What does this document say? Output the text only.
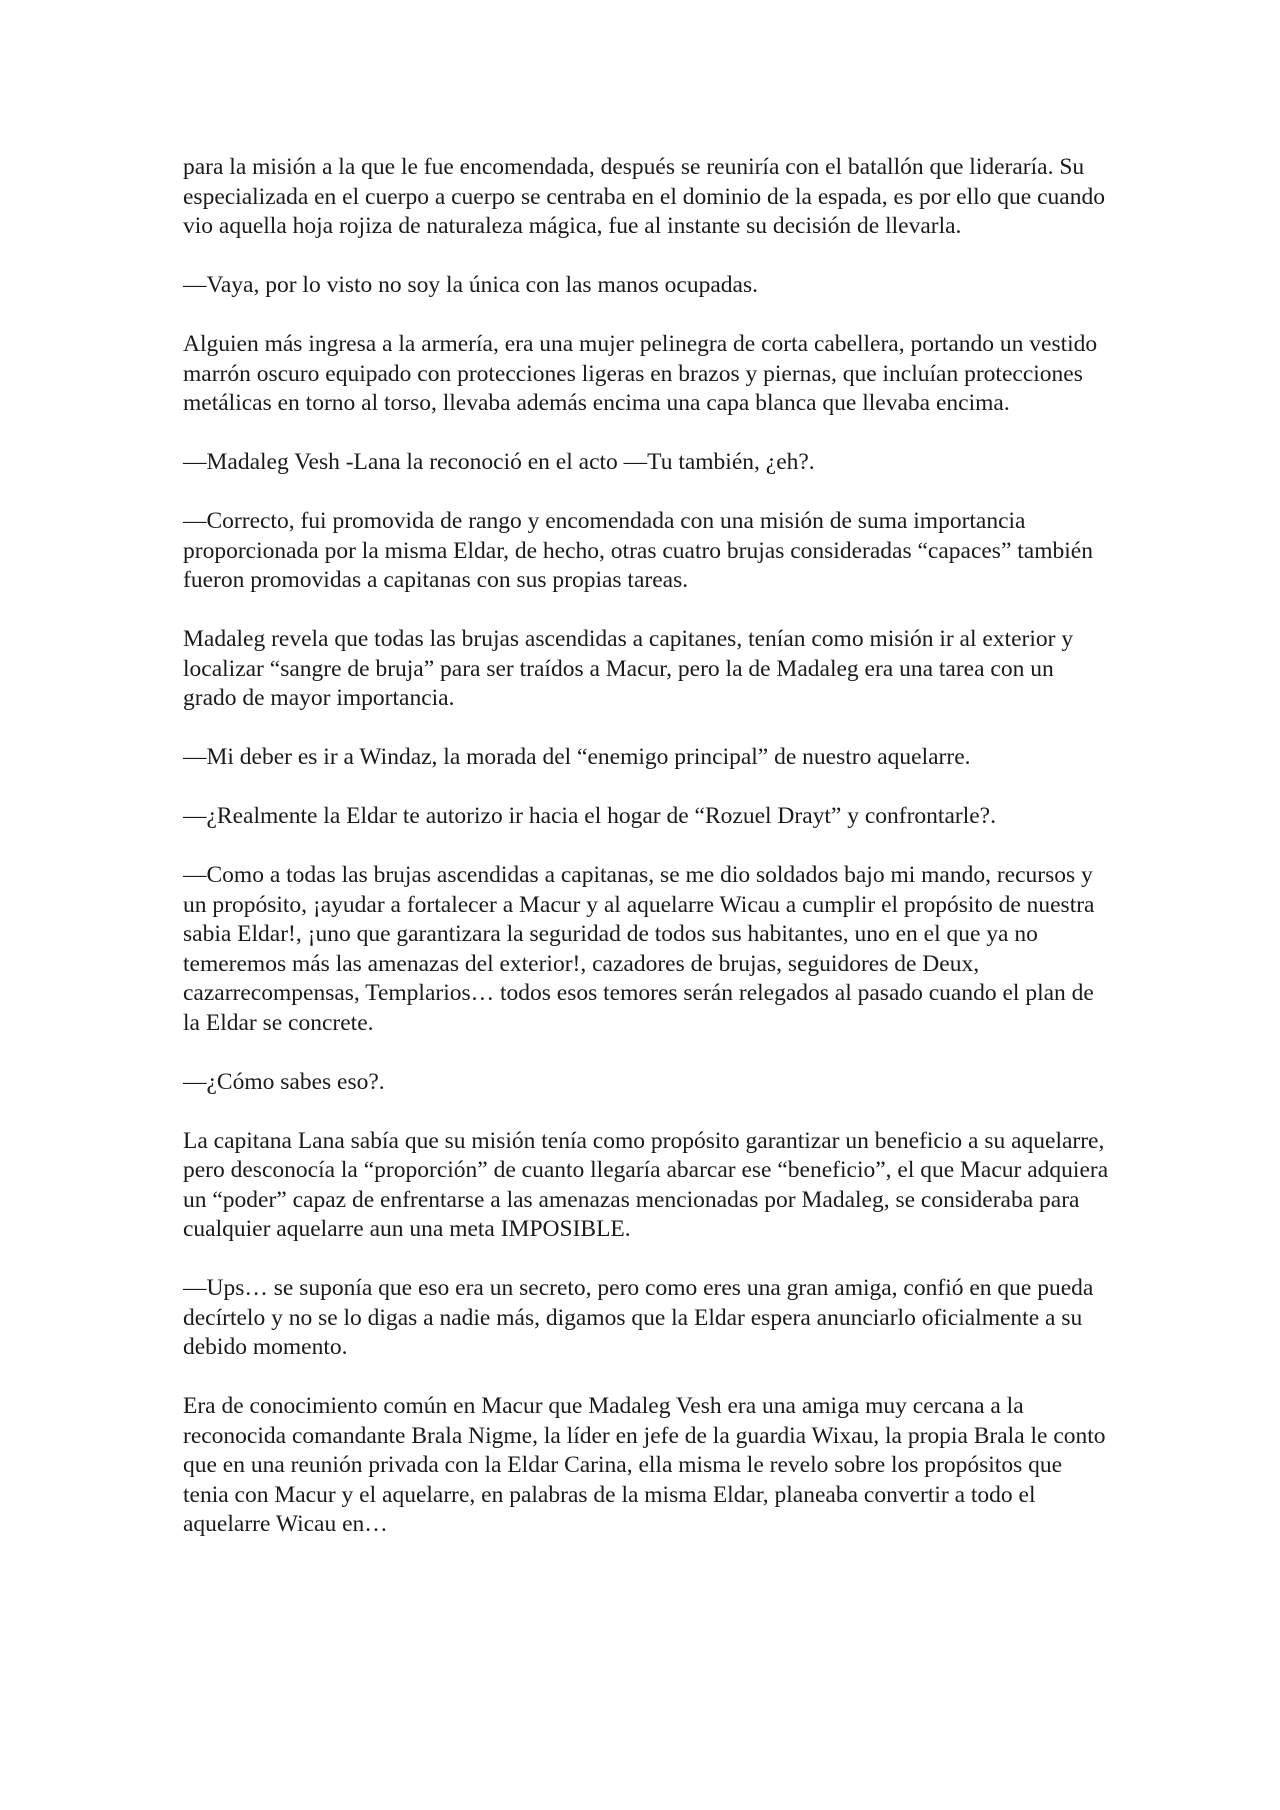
para la misión a la que le fue encomendada, después se reuniría con el batallón que lideraría. Su especializada en el cuerpo a cuerpo se centraba en el dominio de la espada, es por ello que cuando vio aquella hoja rojiza de naturaleza mágica, fue al instante su decisión de llevarla.

—Vaya, por lo visto no soy la única con las manos ocupadas.

Alguien más ingresa a la armería, era una mujer pelinegra de corta cabellera, portando un vestido marrón oscuro equipado con protecciones ligeras en brazos y piernas, que incluían protecciones metálicas en torno al torso, llevaba además encima una capa blanca que llevaba encima.

—Madaleg Vesh -Lana la reconoció en el acto —Tu también, ¿eh?.

—Correcto, fui promovida de rango y encomendada con una misión de suma importancia proporcionada por la misma Eldar, de hecho, otras cuatro brujas consideradas “capaces” también fueron promovidas a capitanas con sus propias tareas.

Madaleg revela que todas las brujas ascendidas a capitanes, tenían como misión ir al exterior y localizar “sangre de bruja” para ser traídos a Macur, pero la de Madaleg era una tarea con un grado de mayor importancia.

—Mi deber es ir a Windaz, la morada del “enemigo principal” de nuestro aquelarre.

—¿Realmente la Eldar te autorizo ir hacia el hogar de “Rozuel Drayt” y confrontarle?.

—Como a todas las brujas ascendidas a capitanas, se me dio soldados bajo mi mando, recursos y un propósito, ¡ayudar a fortalecer a Macur y al aquelarre Wicau a cumplir el propósito de nuestra sabia Eldar!, ¡uno que garantizara la seguridad de todos sus habitantes, uno en el que ya no temeremos más las amenazas del exterior!, cazadores de brujas, seguidores de Deux, cazarrecompensas, Templarios… todos esos temores serán relegados al pasado cuando el plan de la Eldar se concrete.

—¿Cómo sabes eso?.

La capitana Lana sabía que su misión tenía como propósito garantizar un beneficio a su aquelarre, pero desconocía la “proporción” de cuanto llegaría abarcar ese “beneficio”, el que Macur adquiera un “poder” capaz de enfrentarse a las amenazas mencionadas por Madaleg, se consideraba para cualquier aquelarre aun una meta IMPOSIBLE.

—Ups… se suponía que eso era un secreto, pero como eres una gran amiga, confió en que pueda decírtelo y no se lo digas a nadie más, digamos que la Eldar espera anunciarlo oficialmente a su debido momento.

Era de conocimiento común en Macur que Madaleg Vesh era una amiga muy cercana a la reconocida comandante Brala Nigme, la líder en jefe de la guardia Wixau, la propia Brala le conto que en una reunión privada con la Eldar Carina, ella misma le revelo sobre los propósitos que tenia con Macur y el aquelarre, en palabras de la misma Eldar, planeaba convertir a todo el aquelarre Wicau en…
